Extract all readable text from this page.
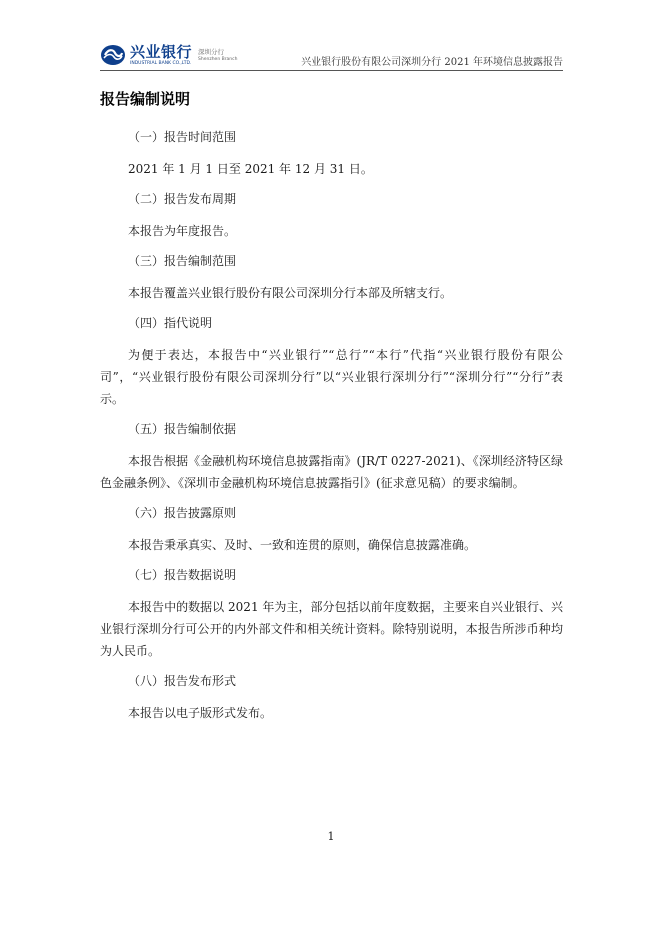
兴业银行
INDUSTRIAL BANK CO.,LTD.
深圳分行
Shenzhen Branch	兴业银行股份有限公司深圳分行 2021 年环境信息披露报告
报告编制说明

（一）报告时间范围

2021 年 1 月 1 日至 2021 年 12 月 31 日。

（二）报告发布周期

本报告为年度报告。

（三）报告编制范围

本报告覆盖兴业银行股份有限公司深圳分行本部及所辖支行。

（四）指代说明

为便于表达，本报告中“兴业银行”“总行”“本行”代指“兴业银行股份有限公司”，“兴业银行股份有限公司深圳分行”以“兴业银行深圳分行”“深圳分行”“分行”表示。

（五）报告编制依据

本报告根据《金融机构环境信息披露指南》(JR/T 0227-2021)、《深圳经济特区绿色金融条例》、《深圳市金融机构环境信息披露指引》(征求意见稿）的要求编制。

（六）报告披露原则

本报告秉承真实、及时、一致和连贯的原则，确保信息披露准确。

（七）报告数据说明

本报告中的数据以 2021 年为主，部分包括以前年度数据，主要来自兴业银行、兴业银行深圳分行可公开的内外部文件和相关统计资料。除特别说明，本报告所涉币种均为人民币。

（八）报告发布形式

本报告以电子版形式发布。

1
